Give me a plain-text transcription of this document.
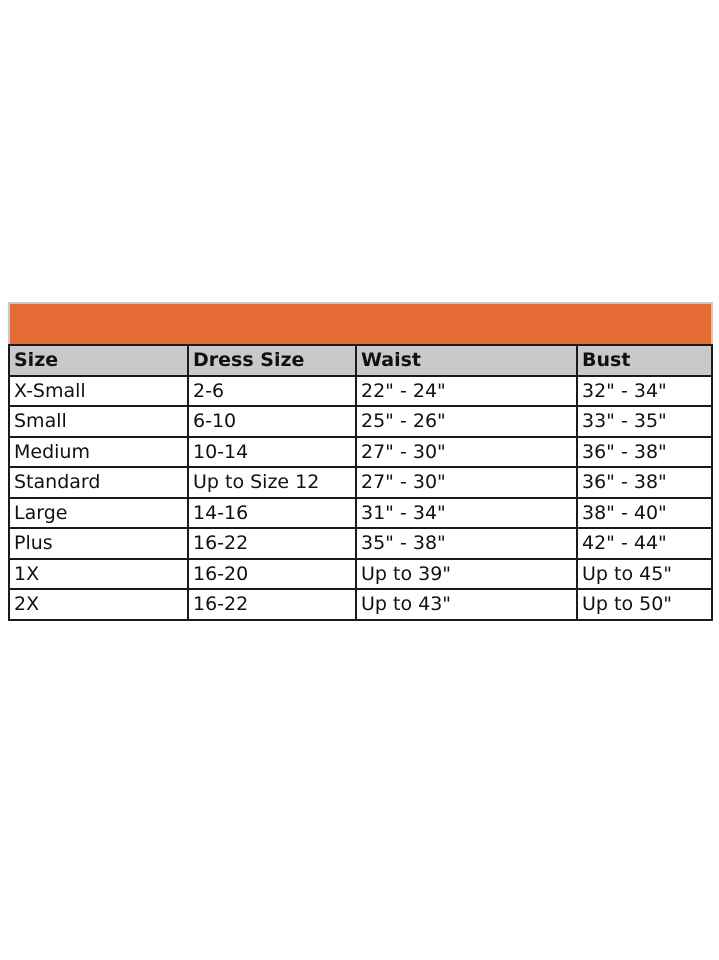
Size	Dress Size	Waist	Bust
X-Small	2-6	22" - 24"	32" - 34"
Small	6-10	25" - 26"	33" - 35"
Medium	10-14	27" - 30"	36" - 38"
Standard	Up to Size 12	27" - 30"	36" - 38"
Large	14-16	31" - 34"	38" - 40"
Plus	16-22	35" - 38"	42" - 44"
1X	16-20	Up to 39"	Up to 45"
2X	16-22	Up to 43"	Up to 50"
